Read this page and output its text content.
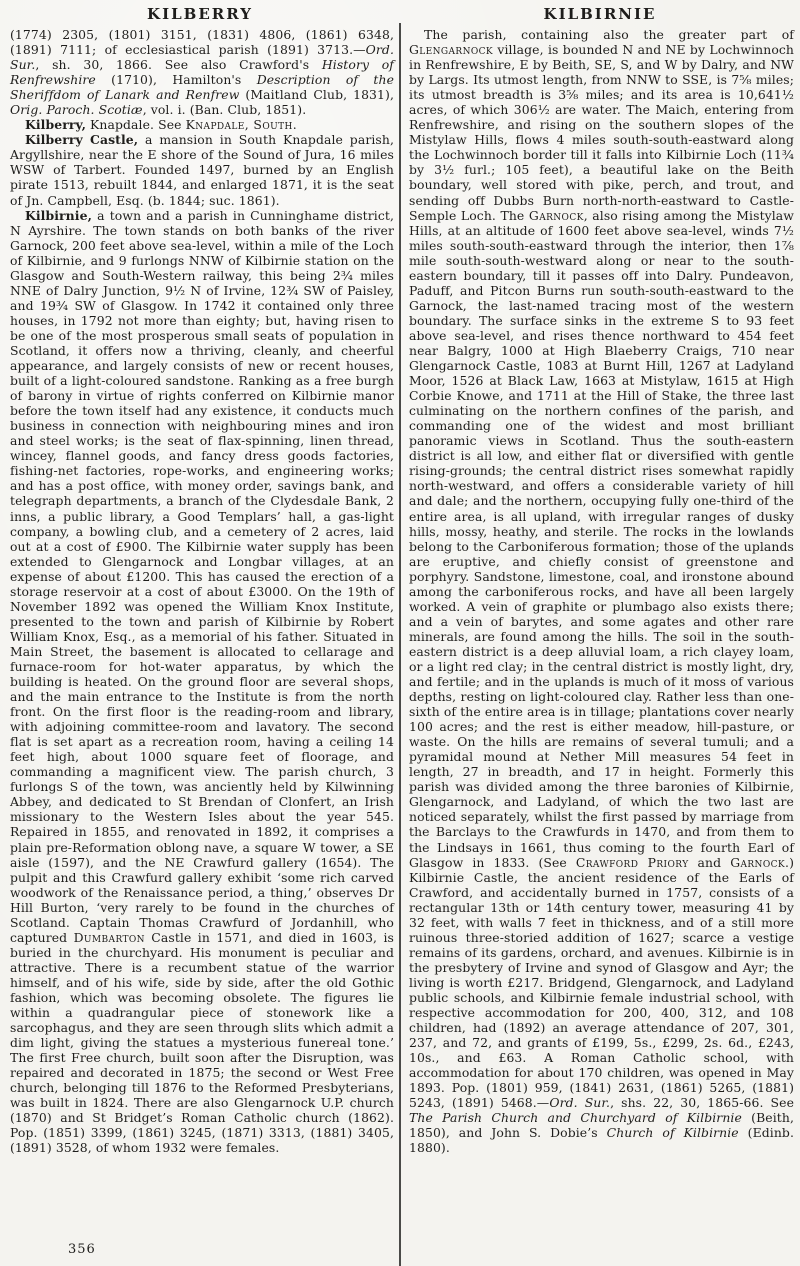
KILBERRY	KILBIRNIE

(1774) 2305, (1801) 3151, (1831) 4806, (1861) 6348, (1891) 7111; of ecclesiastical parish (1891) 3713.—Ord. Sur., sh. 30, 1866. See also Crawford's History of Renfrewshire (1710), Hamilton's Description of the Sheriffdom of Lanark and Renfrew (Maitland Club, 1831), Orig. Paroch. Scotiæ, vol. i. (Ban. Club, 1851).

Kilberry, Knapdale. See Knapdale, South.

Kilberry Castle, a mansion in South Knapdale parish, Argyllshire, near the E shore of the Sound of Jura, 16 miles WSW of Tarbert. Founded 1497, burned by an English pirate 1513, rebuilt 1844, and enlarged 1871, it is the seat of Jn. Campbell, Esq. (b. 1844; suc. 1861).

Kilbirnie, a town and a parish in Cunninghame district, N Ayrshire. The town stands on both banks of the river Garnock, 200 feet above sea-level, within a mile of the Loch of Kilbirnie, and 9 furlongs NNW of Kilbirnie station on the Glasgow and South-Western railway, this being 2¾ miles NNE of Dalry Junction, 9½ N of Irvine, 12¾ SW of Paisley, and 19¾ SW of Glasgow. In 1742 it contained only three houses, in 1792 not more than eighty; but, having risen to be one of the most prosperous small seats of population in Scotland, it offers now a thriving, cleanly, and cheerful appearance, and largely consists of new or recent houses, built of a light-coloured sandstone. Ranking as a free burgh of barony in virtue of rights conferred on Kilbirnie manor before the town itself had any existence, it conducts much business in connection with neighbouring mines and iron and steel works; is the seat of flax-spinning, linen thread, wincey, flannel goods, and fancy dress goods factories, fishing-net factories, rope-works, and engineering works; and has a post office, with money order, savings bank, and telegraph departments, a branch of the Clydesdale Bank, 2 inns, a public library, a Good Templars’ hall, a gas-light company, a bowling club, and a cemetery of 2 acres, laid out at a cost of £900. The Kilbirnie water supply has been extended to Glengarnock and Longbar villages, at an expense of about £1200. This has caused the erection of a storage reservoir at a cost of about £3000. On the 19th of November 1892 was opened the William Knox Institute, presented to the town and parish of Kilbirnie by Robert William Knox, Esq., as a memorial of his father. Situated in Main Street, the basement is allocated to cellarage and furnace-room for hot-water apparatus, by which the building is heated. On the ground floor are several shops, and the main entrance to the Institute is from the north front. On the first floor is the reading-room and library, with adjoining committee-room and lavatory. The second flat is set apart as a recreation room, having a ceiling 14 feet high, about 1000 square feet of floorage, and commanding a magnificent view. The parish church, 3 furlongs S of the town, was anciently held by Kilwinning Abbey, and dedicated to St Brendan of Clonfert, an Irish missionary to the Western Isles about the year 545. Repaired in 1855, and renovated in 1892, it comprises a plain pre-Reformation oblong nave, a square W tower, a SE aisle (1597), and the NE Crawfurd gallery (1654). The pulpit and this Crawfurd gallery exhibit ‘some rich carved woodwork of the Renaissance period, a thing,’ observes Dr Hill Burton, ‘very rarely to be found in the churches of Scotland. Captain Thomas Crawfurd of Jordanhill, who captured Dumbarton Castle in 1571, and died in 1603, is buried in the churchyard. His monument is peculiar and attractive. There is a recumbent statue of the warrior himself, and of his wife, side by side, after the old Gothic fashion, which was becoming obsolete. The figures lie within a quadrangular piece of stonework like a sarcophagus, and they are seen through slits which admit a dim light, giving the statues a mysterious funereal tone.’ The first Free church, built soon after the Disruption, was repaired and decorated in 1875; the second or West Free church, belonging till 1876 to the Reformed Presbyterians, was built in 1824. There are also Glengarnock U.P. church (1870) and St Bridget’s Roman Catholic church (1862). Pop. (1851) 3399, (1861) 3245, (1871) 3313, (1881) 3405, (1891) 3528, of whom 1932 were females.

The parish, containing also the greater part of Glengarnock village, is bounded N and NE by Lochwinnoch in Renfrewshire, E by Beith, SE, S, and W by Dalry, and NW by Largs. Its utmost length, from NNW to SSE, is 7⅝ miles; its utmost breadth is 3⅝ miles; and its area is 10,641½ acres, of which 306½ are water. The Maich, entering from Renfrewshire, and rising on the southern slopes of the Mistylaw Hills, flows 4 miles south-south-eastward along the Lochwinnoch border till it falls into Kilbirnie Loch (11¾ by 3½ furl.; 105 feet), a beautiful lake on the Beith boundary, well stored with pike, perch, and trout, and sending off Dubbs Burn north-north-eastward to Castle-Semple Loch. The Garnock, also rising among the Mistylaw Hills, at an altitude of 1600 feet above sea-level, winds 7½ miles south-south-eastward through the interior, then 1⅞ mile south-south-westward along or near to the south-eastern boundary, till it passes off into Dalry. Pundeavon, Paduff, and Pitcon Burns run south-south-eastward to the Garnock, the last-named tracing most of the western boundary. The surface sinks in the extreme S to 93 feet above sea-level, and rises thence northward to 454 feet near Balgry, 1000 at High Blaeberry Craigs, 710 near Glengarnock Castle, 1083 at Burnt Hill, 1267 at Ladyland Moor, 1526 at Black Law, 1663 at Mistylaw, 1615 at High Corbie Knowe, and 1711 at the Hill of Stake, the three last culminating on the northern confines of the parish, and commanding one of the widest and most brilliant panoramic views in Scotland. Thus the south-eastern district is all low, and either flat or diversified with gentle rising-grounds; the central district rises somewhat rapidly north-westward, and offers a considerable variety of hill and dale; and the northern, occupying fully one-third of the entire area, is all upland, with irregular ranges of dusky hills, mossy, heathy, and sterile. The rocks in the lowlands belong to the Carboniferous formation; those of the uplands are eruptive, and chiefly consist of greenstone and porphyry. Sandstone, limestone, coal, and ironstone abound among the carboniferous rocks, and have all been largely worked. A vein of graphite or plumbago also exists there; and a vein of barytes, and some agates and other rare minerals, are found among the hills. The soil in the south-eastern district is a deep alluvial loam, a rich clayey loam, or a light red clay; in the central district is mostly light, dry, and fertile; and in the uplands is much of it moss of various depths, resting on light-coloured clay. Rather less than one-sixth of the entire area is in tillage; plantations cover nearly 100 acres; and the rest is either meadow, hill-pasture, or waste. On the hills are remains of several tumuli; and a pyramidal mound at Nether Mill measures 54 feet in length, 27 in breadth, and 17 in height. Formerly this parish was divided among the three baronies of Kilbirnie, Glengarnock, and Ladyland, of which the two last are noticed separately, whilst the first passed by marriage from the Barclays to the Crawfurds in 1470, and from them to the Lindsays in 1661, thus coming to the fourth Earl of Glasgow in 1833. (See Crawford Priory and Garnock.) Kilbirnie Castle, the ancient residence of the Earls of Crawford, and accidentally burned in 1757, consists of a rectangular 13th or 14th century tower, measuring 41 by 32 feet, with walls 7 feet in thickness, and of a still more ruinous three-storied addition of 1627; scarce a vestige remains of its gardens, orchard, and avenues. Kilbirnie is in the presbytery of Irvine and synod of Glasgow and Ayr; the living is worth £217. Bridgend, Glengarnock, and Ladyland public schools, and Kilbirnie female industrial school, with respective accommodation for 200, 400, 312, and 108 children, had (1892) an average attendance of 207, 301, 237, and 72, and grants of £199, 5s., £299, 2s. 6d., £243, 10s., and £63. A Roman Catholic school, with accommodation for about 170 children, was opened in May 1893. Pop. (1801) 959, (1841) 2631, (1861) 5265, (1881) 5243, (1891) 5468.—Ord. Sur., shs. 22, 30, 1865-66. See The Parish Church and Churchyard of Kilbirnie (Beith, 1850), and John S. Dobie’s Church of Kilbirnie (Edinb. 1880).

356
